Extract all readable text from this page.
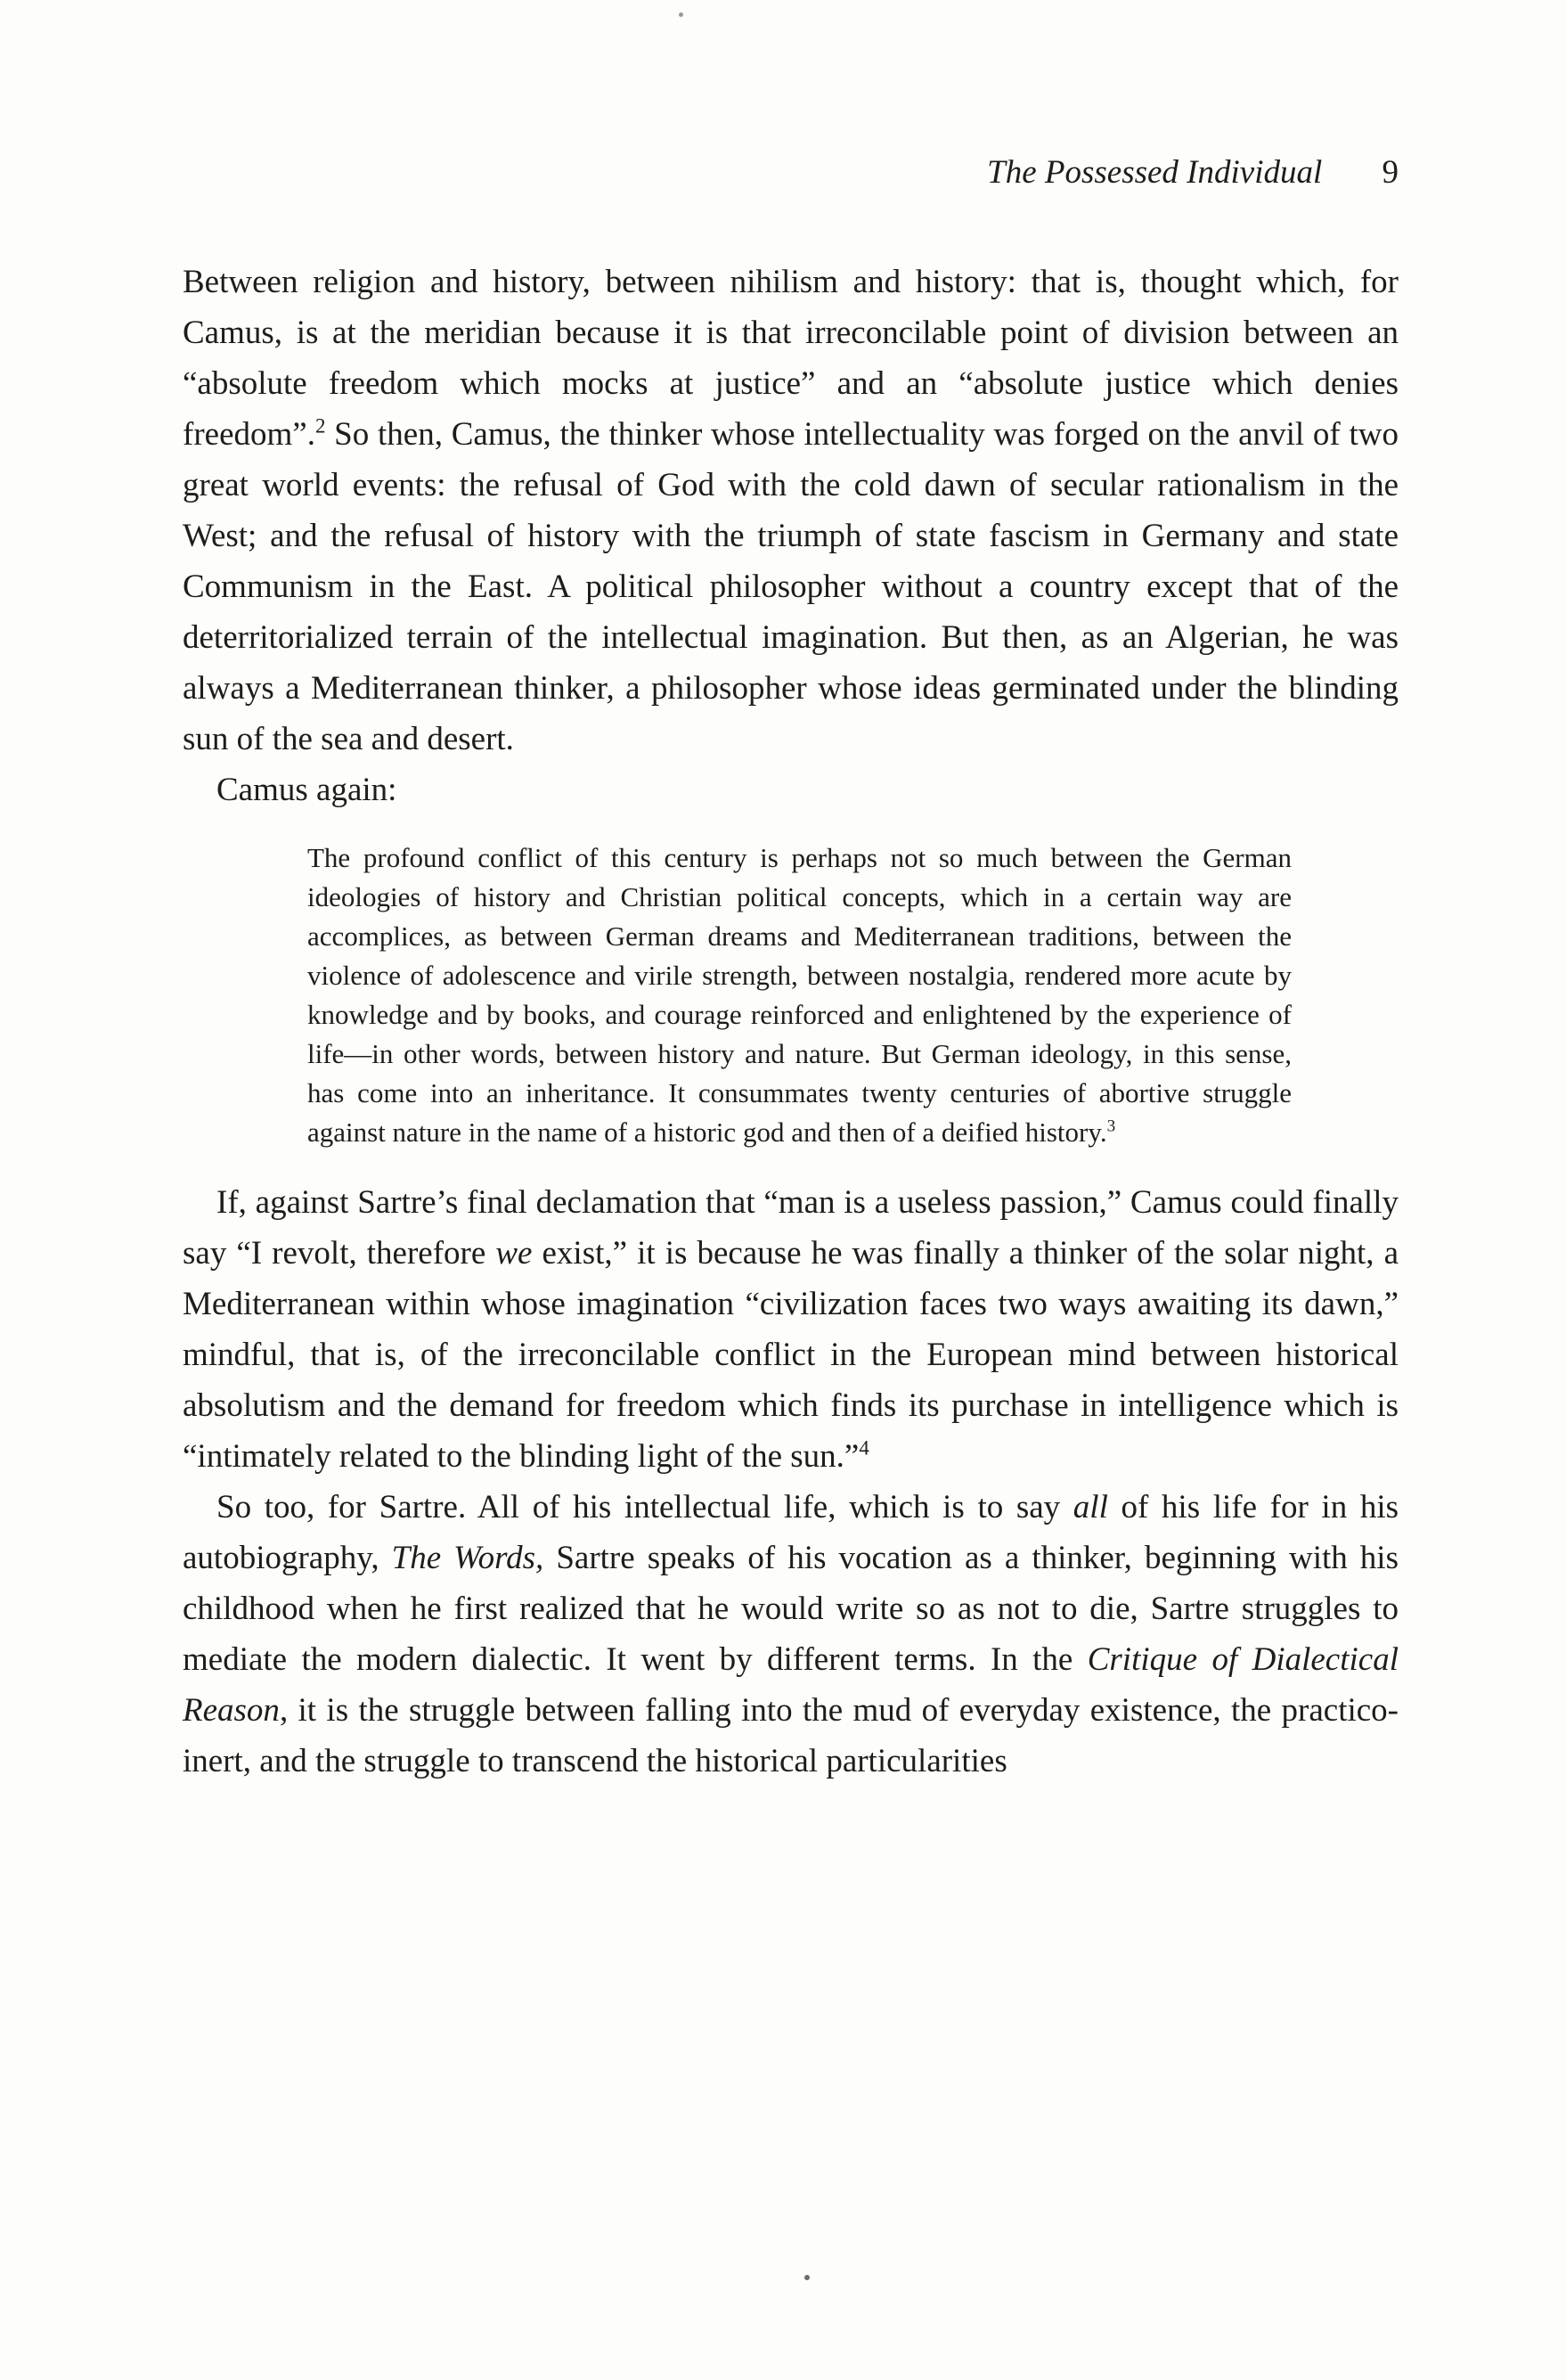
The Possessed Individual 9

Between religion and history, between nihilism and history: that is, thought which, for Camus, is at the meridian because it is that irreconcilable point of division between an “absolute freedom which mocks at justice” and an “absolute justice which denies freedom”.$^2$ So then, Camus, the thinker whose intellectuality was forged on the anvil of two great world events: the refusal of God with the cold dawn of secular rationalism in the West; and the refusal of history with the triumph of state fascism in Germany and state Communism in the East. A political philosopher without a country except that of the deterritorialized terrain of the intellectual imagination. But then, as an Algerian, he was always a Mediterranean thinker, a philosopher whose ideas germinated under the blinding sun of the sea and desert.

Camus again:

The profound conflict of this century is perhaps not so much between the German ideologies of history and Christian political concepts, which in a certain way are accomplices, as between German dreams and Mediterranean traditions, between the violence of adolescence and virile strength, between nostalgia, rendered more acute by knowledge and by books, and courage reinforced and enlightened by the experience of life—in other words, between history and nature. But German ideology, in this sense, has come into an inheritance. It consummates twenty centuries of abortive struggle against nature in the name of a historic god and then of a deified history.$^3$

If, against Sartre’s final declamation that “man is a useless passion,” Camus could finally say “I revolt, therefore we exist,” it is because he was finally a thinker of the solar night, a Mediterranean within whose imagination “civilization faces two ways awaiting its dawn,” mindful, that is, of the irreconcilable conflict in the European mind between historical absolutism and the demand for freedom which finds its purchase in intelligence which is “intimately related to the blinding light of the sun.”$^4$

So too, for Sartre. All of his intellectual life, which is to say all of his life for in his autobiography, The Words, Sartre speaks of his vocation as a thinker, beginning with his childhood when he first realized that he would write so as not to die, Sartre struggles to mediate the modern dialectic. It went by different terms. In the Critique of Dialectical Reason, it is the struggle between falling into the mud of everyday existence, the practico-inert, and the struggle to transcend the historical particularities
